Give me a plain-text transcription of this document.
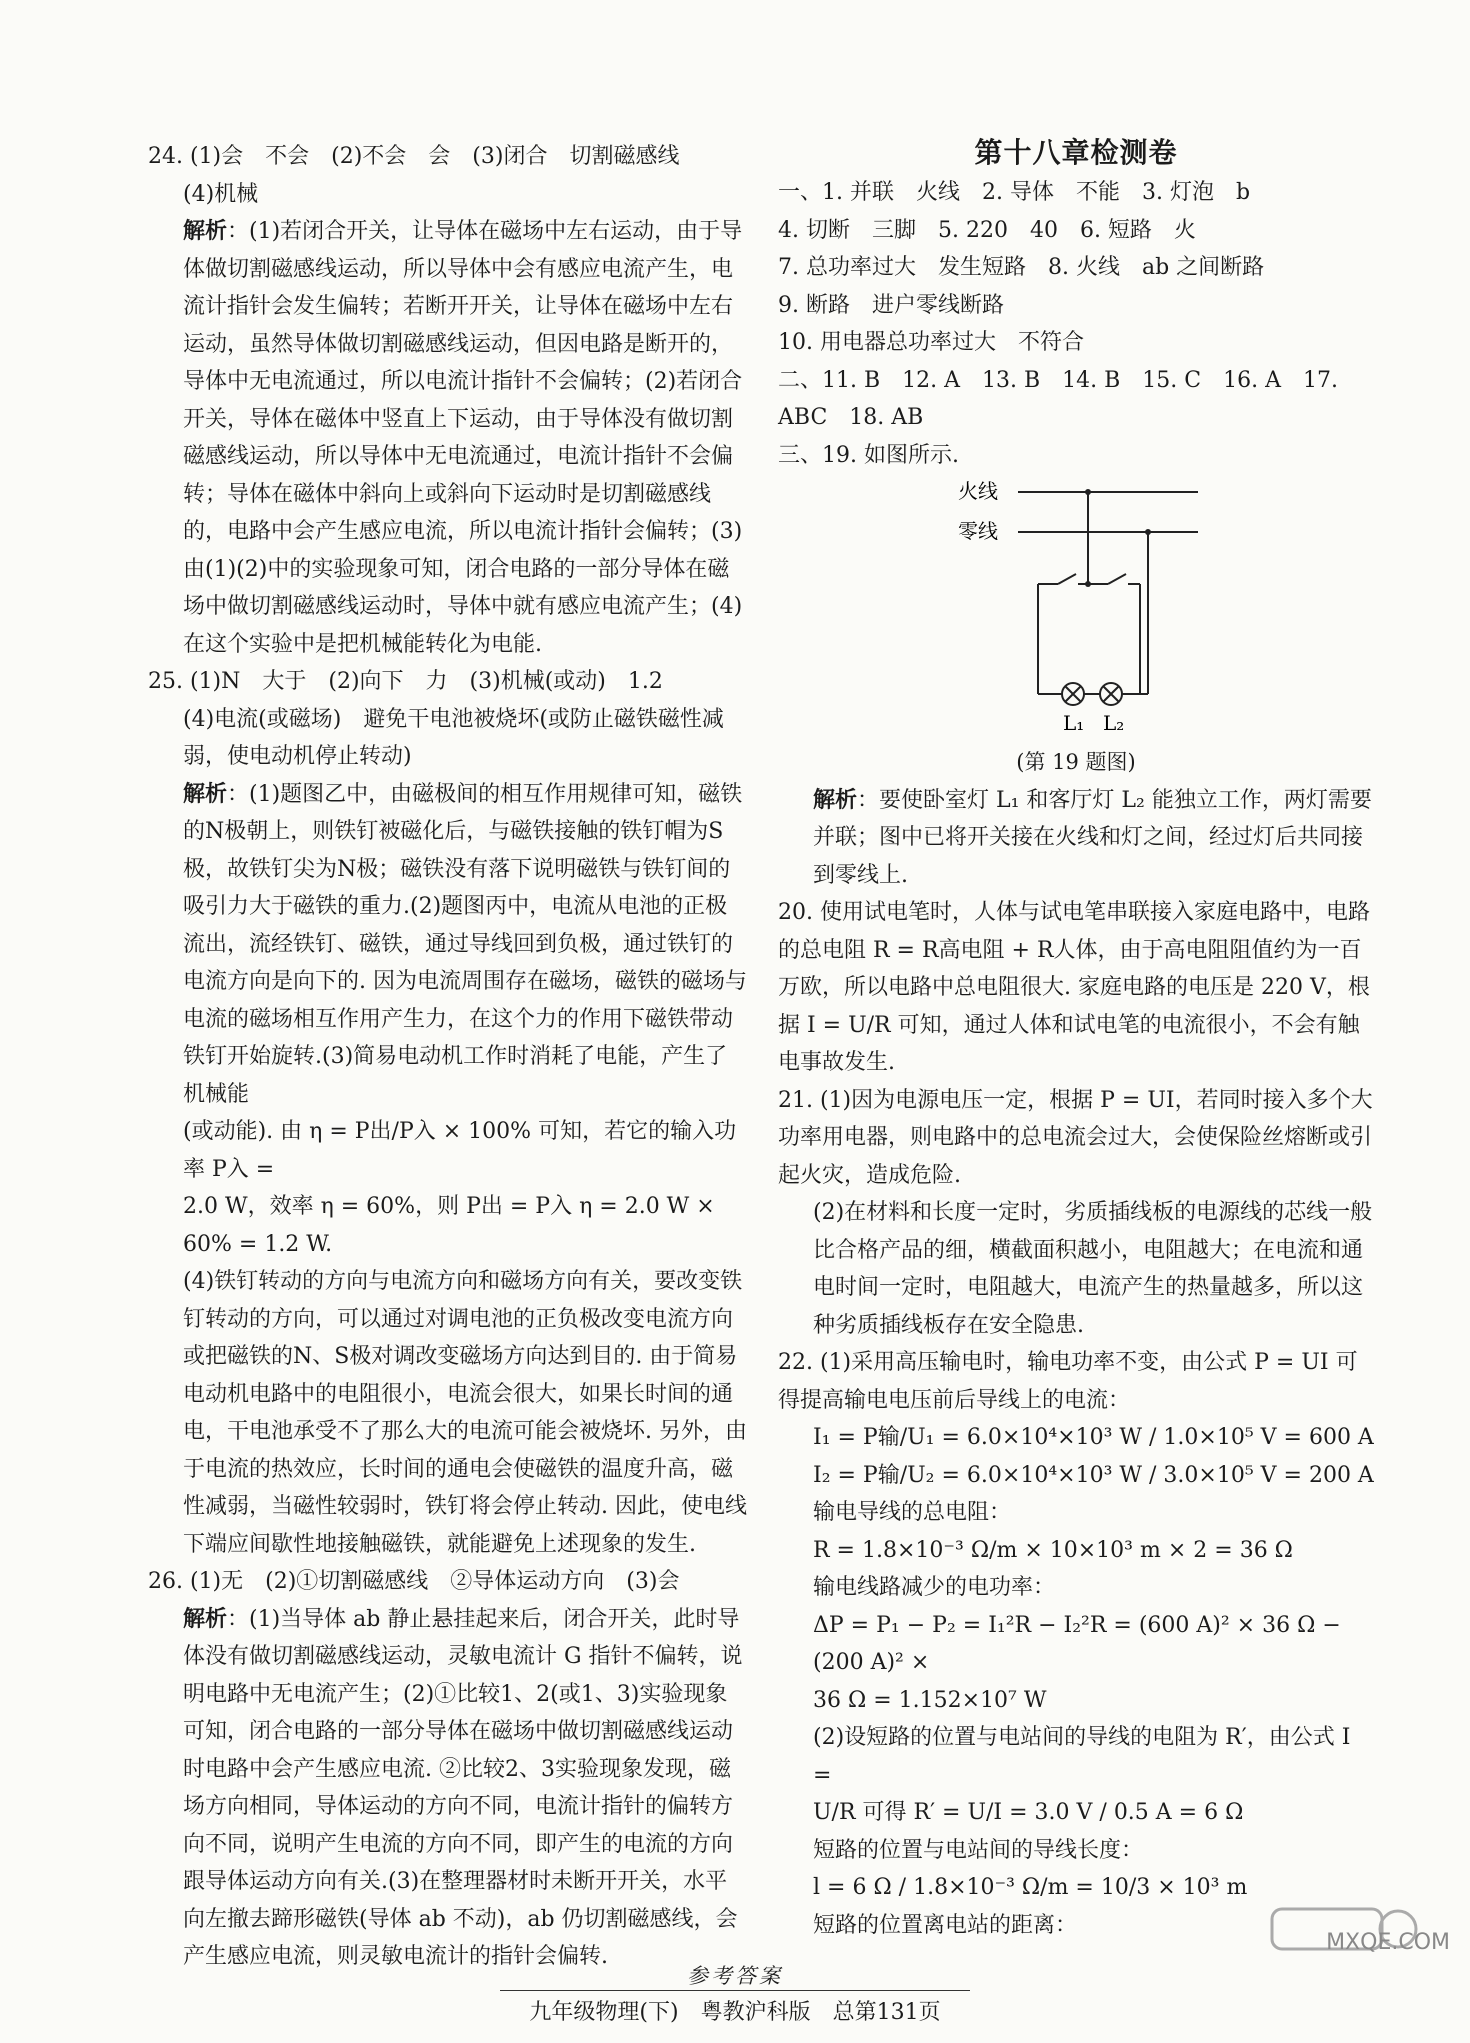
24. (1)会　不会　(2)不会　会　(3)闭合　切割磁感线

(4)机械

解析：(1)若闭合开关，让导体在磁场中左右运动，由于导体做切割磁感线运动，所以导体中会有感应电流产生，电流计指针会发生偏转；若断开开关，让导体在磁场中左右运动，虽然导体做切割磁感线运动，但因电路是断开的，导体中无电流通过，所以电流计指针不会偏转；(2)若闭合开关，导体在磁体中竖直上下运动，由于导体没有做切割磁感线运动，所以导体中无电流通过，电流计指针不会偏转；导体在磁体中斜向上或斜向下运动时是切割磁感线的，电路中会产生感应电流，所以电流计指针会偏转；(3)由(1)(2)中的实验现象可知，闭合电路的一部分导体在磁场中做切割磁感线运动时，导体中就有感应电流产生；(4)在这个实验中是把机械能转化为电能.

25. (1)N　大于　(2)向下　力　(3)机械(或动)　1.2

(4)电流(或磁场)　避免干电池被烧坏(或防止磁铁磁性减弱，使电动机停止转动)

解析：(1)题图乙中，由磁极间的相互作用规律可知，磁铁的N极朝上，则铁钉被磁化后，与磁铁接触的铁钉帽为S极，故铁钉尖为N极；磁铁没有落下说明磁铁与铁钉间的吸引力大于磁铁的重力.(2)题图丙中，电流从电池的正极流出，流经铁钉、磁铁，通过导线回到负极，通过铁钉的电流方向是向下的. 因为电流周围存在磁场，磁铁的磁场与电流的磁场相互作用产生力，在这个力的作用下磁铁带动铁钉开始旋转.(3)简易电动机工作时消耗了电能，产生了机械能

(或动能). 由 η = P出/P入 × 100% 可知，若它的输入功率 P入 =

2.0 W，效率 η = 60%，则 P出 = P入 η = 2.0 W × 60% = 1.2 W.

(4)铁钉转动的方向与电流方向和磁场方向有关，要改变铁钉转动的方向，可以通过对调电池的正负极改变电流方向或把磁铁的N、S极对调改变磁场方向达到目的. 由于简易电动机电路中的电阻很小，电流会很大，如果长时间的通电，干电池承受不了那么大的电流可能会被烧坏. 另外，由于电流的热效应，长时间的通电会使磁铁的温度升高，磁性减弱，当磁性较弱时，铁钉将会停止转动. 因此，使电线下端应间歇性地接触磁铁，就能避免上述现象的发生.

26. (1)无　(2)①切割磁感线　②导体运动方向　(3)会

解析：(1)当导体 ab 静止悬挂起来后，闭合开关，此时导体没有做切割磁感线运动，灵敏电流计 G 指针不偏转，说明电路中无电流产生；(2)①比较1、2(或1、3)实验现象可知，闭合电路的一部分导体在磁场中做切割磁感线运动时电路中会产生感应电流. ②比较2、3实验现象发现，磁场方向相同，导体运动的方向不同，电流计指针的偏转方向不同，说明产生电流的方向不同，即产生的电流的方向跟导体运动方向有关.(3)在整理器材时未断开开关，水平向左撤去蹄形磁铁(导体 ab 不动)，ab 仍切割磁感线，会产生感应电流，则灵敏电流计的指针会偏转.

第十八章检测卷

一、1. 并联　火线　2. 导体　不能　3. 灯泡　b

4. 切断　三脚　5. 220　40　6. 短路　火

7. 总功率过大　发生短路　8. 火线　ab 之间断路

9. 断路　进户零线断路

10. 用电器总功率过大　不符合

二、11. B　12. A　13. B　14. B　15. C　16. A　17. ABC　18. AB

三、19. 如图所示.

火线
零线
L₁ L₂
(第 19 题图)

解析：要使卧室灯 L₁ 和客厅灯 L₂ 能独立工作，两灯需要并联；图中已将开关接在火线和灯之间，经过灯后共同接到零线上.

20. 使用试电笔时，人体与试电笔串联接入家庭电路中，电路的总电阻 R = R高电阻 + R人体，由于高电阻阻值约为一百万欧，所以电路中总电阻很大. 家庭电路的电压是 220 V，根据 I = U/R 可知，通过人体和试电笔的电流很小，不会有触电事故发生.

21. (1)因为电源电压一定，根据 P = UI，若同时接入多个大功率用电器，则电路中的总电流会过大，会使保险丝熔断或引起火灾，造成危险.

(2)在材料和长度一定时，劣质插线板的电源线的芯线一般比合格产品的细，横截面积越小，电阻越大；在电流和通电时间一定时，电阻越大，电流产生的热量越多，所以这种劣质插线板存在安全隐患.

22. (1)采用高压输电时，输电功率不变，由公式 P = UI 可得提高输电电压前后导线上的电流：

I₁ = P输/U₁ = 6.0×10⁴×10³ W / 1.0×10⁵ V = 600 A

I₂ = P输/U₂ = 6.0×10⁴×10³ W / 3.0×10⁵ V = 200 A

输电导线的总电阻：

R = 1.8×10⁻³ Ω/m × 10×10³ m × 2 = 36 Ω

输电线路减少的电功率：

ΔP = P₁ − P₂ = I₁²R − I₂²R = (600 A)² × 36 Ω − (200 A)² ×

36 Ω = 1.152×10⁷ W

(2)设短路的位置与电站间的导线的电阻为 R′，由公式 I =

U/R 可得 R′ = U/I = 3.0 V / 0.5 A = 6 Ω

短路的位置与电站间的导线长度：

l = 6 Ω / 1.8×10⁻³ Ω/m = 10/3 × 10³ m

短路的位置离电站的距离：

参考答案
九年级物理(下)　粤教沪科版　总第131页
MXQE.COM
